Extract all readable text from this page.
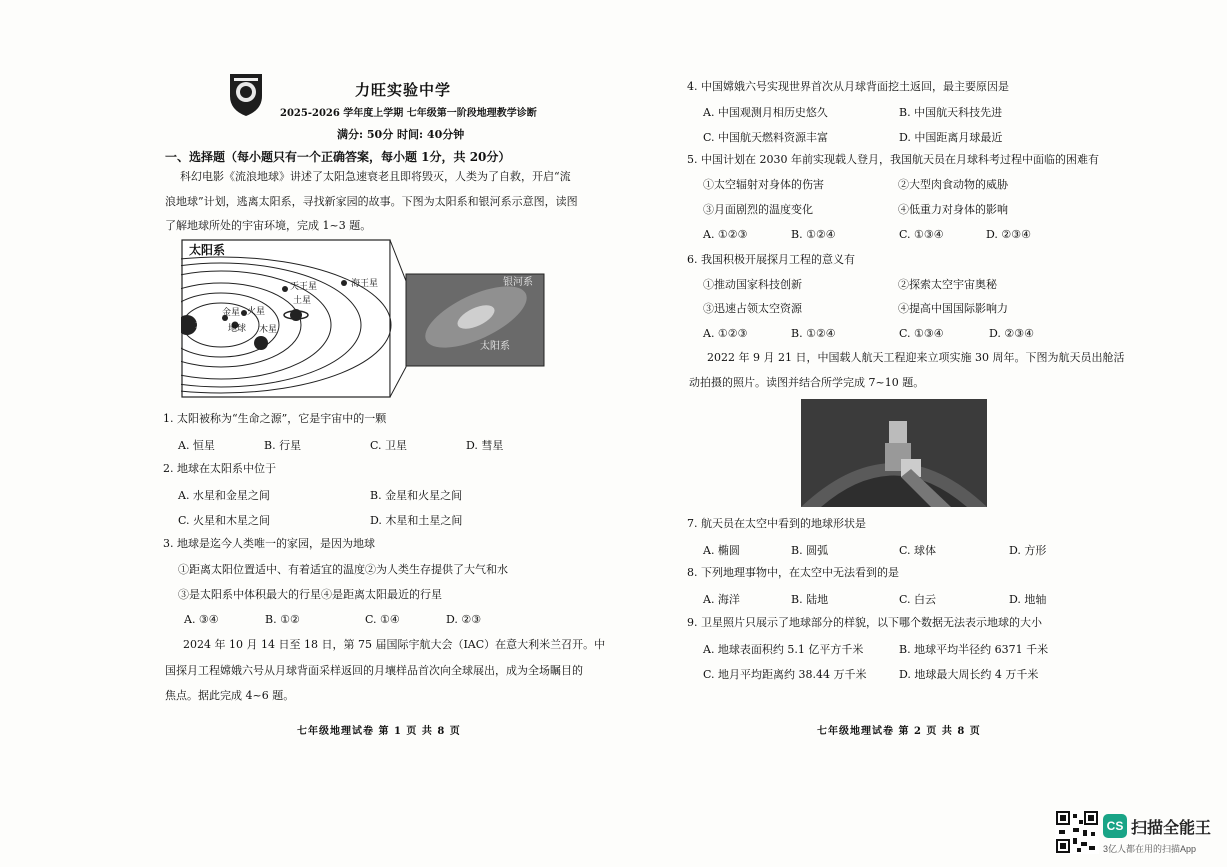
力旺实验中学
2025-2026 学年度上学期 七年级第一阶段地理教学诊断
满分: 50分 时间: 40分钟
一、选择题（每小题只有一个正确答案，每小题 1分，共 20分）
科幻电影《流浪地球》讲述了太阳急速衰老且即将毁灭，人类为了自救，开启“流
浪地球”计划，逃离太阳系，寻找新家园的故事。下图为太阳系和银河系示意图，读图
了解地球所处的宇宙环境，完成 1~3 题。
太阳系
银河系
太阳系
太阳
金星 火星
地球 木星
土星
天王星	海王星
1. 太阳被称为“生命之源”，它是宇宙中的一颗
A. 恒星	B. 行星	C. 卫星	D. 彗星
2. 地球在太阳系中位于
A. 水星和金星之间	B. 金星和火星之间
C. 火星和木星之间	D. 木星和土星之间
3. 地球是迄今人类唯一的家园，是因为地球
①距离太阳位置适中、有着适宜的温度②为人类生存提供了大气和水
③是太阳系中体积最大的行星④是距离太阳最近的行星
A. ③④	B. ①②	C. ①④	D. ②③
2024 年 10 月 14 日至 18 日，第 75 届国际宇航大会（IAC）在意大利米兰召开。中
国探月工程嫦娥六号从月球背面采样返回的月壤样品首次向全球展出，成为全场瞩目的
焦点。据此完成 4~6 题。
七年级地理试卷 第 1 页 共 8 页
4. 中国嫦娥六号实现世界首次从月球背面挖土返回，最主要原因是
A. 中国观测月相历史悠久	B. 中国航天科技先进
C. 中国航天燃料资源丰富	D. 中国距离月球最近
5. 中国计划在 2030 年前实现载人登月，我国航天员在月球科考过程中面临的困难有
①太空辐射对身体的伤害	②大型肉食动物的威胁
③月面剧烈的温度变化	④低重力对身体的影响
A. ①②③	B. ①②④	C. ①③④	D. ②③④
6. 我国积极开展探月工程的意义有
①推动国家科技创新	②探索太空宇宙奥秘
③迅速占领太空资源	④提高中国国际影响力
A. ①②③	B. ①②④	C. ①③④	D. ②③④
2022 年 9 月 21 日，中国载人航天工程迎来立项实施 30 周年。下图为航天员出舱活
动拍摄的照片。读图并结合所学完成 7~10 题。
7. 航天员在太空中看到的地球形状是
A. 椭圆	B. 圆弧	C. 球体	D. 方形
8. 下列地理事物中，在太空中无法看到的是
A. 海洋	B. 陆地	C. 白云	D. 地轴
9. 卫星照片只展示了地球部分的样貌，以下哪个数据无法表示地球的大小
A. 地球表面积约 5.1 亿平方千米	B. 地球平均半径约 6371 千米
C. 地月平均距离约 38.44 万千米	D. 地球最大周长约 4 万千米
七年级地理试卷 第 2 页 共 8 页
CS 扫描全能王
3亿人都在用的扫描App
